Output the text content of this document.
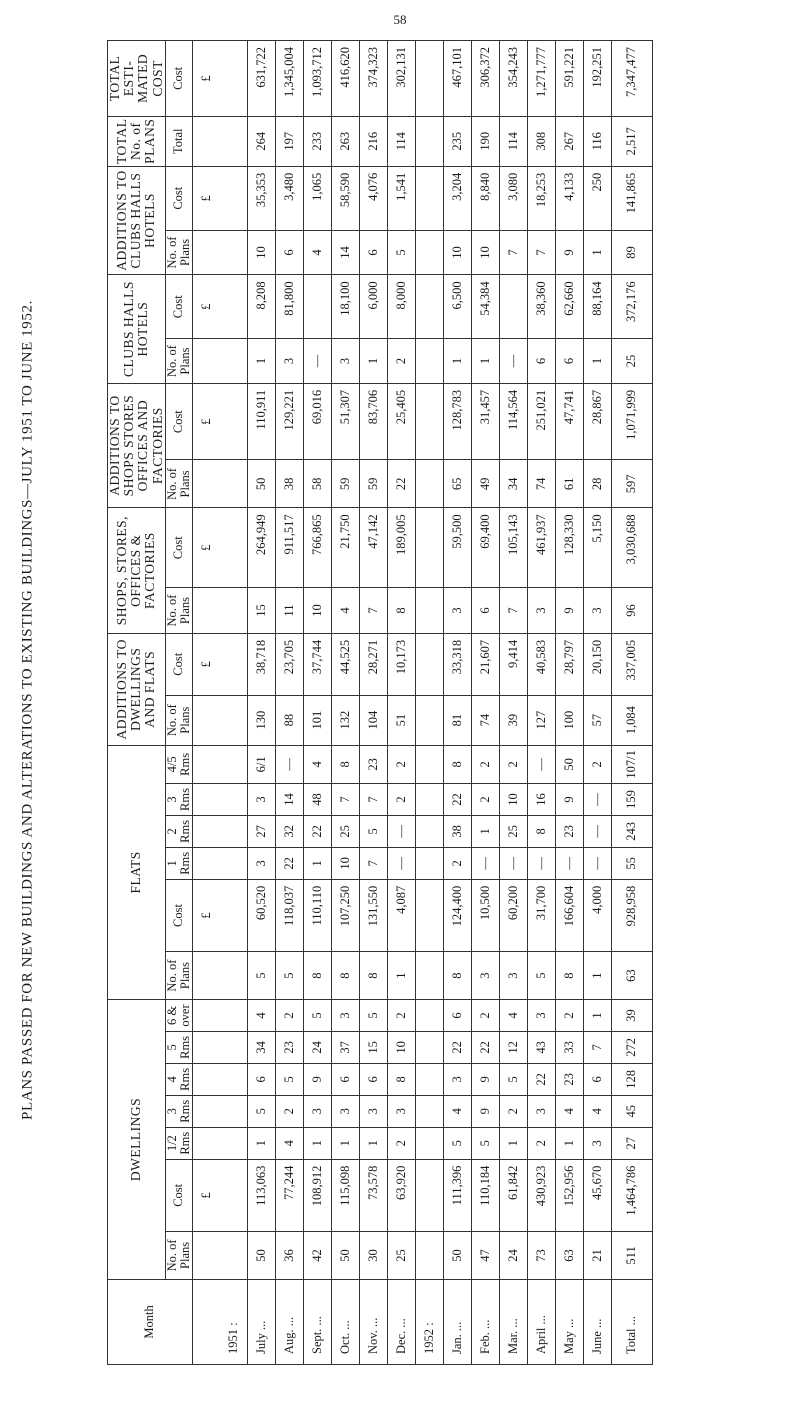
58
PLANS PASSED FOR NEW BUILDINGS AND ALTERATIONS TO EXISTING BUILDINGS—JULY 1951 TO JUNE 1952.
Month	DWELLINGS							FLATS						ADDITIONS TO DWELLINGS AND FLATS		SHOPS, STORES, OFFICES & FACTORIES		ADDITIONS TO SHOPS STORES OFFICES AND FACTORIES		CLUBS HALLS HOTELS		ADDITIONS TO CLUBS HALLS HOTELS		TOTAL No. of PLANS	TOTAL ESTI-MATED COST
	No. of Plans	Cost	1/2 Rms	3 Rms	4 Rms	5 Rms	6 & over	No. of Plans	Cost	1 Rms	2 Rms	3 Rms	4/5 Rms	No. of Plans	Cost	No. of Plans	Cost	No. of Plans	Cost	No. of Plans	Cost	No. of Plans	Cost	Total	Cost
		£							£						£		£		£		£		£		£
1951 :																									
July ...	50	113,063	1	5	6	34	4	5	60,520	3	27	3	6/1	130	38,718	15	264,949	50	110,911	1	8,208	10	35,353	264	631,722
Aug. ...	36	77,244	4	2	5	23	2	5	118,037	22	32	14	—	88	23,705	11	911,517	38	129,221	3	81,800	6	3,480	197	1,345,004
Sept. ...	42	108,912	1	3	9	24	5	8	110,110	1	22	48	4	101	37,744	10	766,865	58	69,016	—		4	1,065	233	1,093,712
Oct. ...	50	115,098	1	3	6	37	3	8	107,250	10	25	7	8	132	44,525	4	21,750	59	51,307	3	18,100	14	58,590	263	416,620
Nov. ...	30	73,578	1	3	6	15	5	8	131,550	7	5	7	23	104	28,271	7	47,142	59	83,706	1	6,000	6	4,076	216	374,323
Dec. ...	25	63,920	2	3	8	10	2	1	4,087	—	—	2	2	51	10,173	8	189,005	22	25,405	2	8,000	5	1,541	114	302,131
1952 :																									
Jan. ...	50	111,396	5	4	3	22	6	8	124,400	2	38	22	8	81	33,318	3	59,500	65	128,783	1	6,500	10	3,204	235	467,101
Feb. ...	47	110,184	5	9	9	22	2	3	10,500	—	1	2	2	74	21,607	6	69,400	49	31,457	1	54,384	10	8,840	190	306,372
Mar. ...	24	61,842	1	2	5	12	4	3	60,200	—	25	10	2	39	9,414	7	105,143	34	114,564	—		7	3,080	114	354,243
April ...	73	430,923	2	3	22	43	3	5	31,700	—	8	16	—	127	40,583	3	461,937	74	251,021	6	38,360	7	18,253	308	1,271,777
May ...	63	152,956	1	4	23	33	2	8	166,604	—	23	9	50	100	28,797	9	128,330	61	47,741	6	62,660	9	4,133	267	591,221
June ...	21	45,670	3	4	6	7	1	1	4,000	—	—	—	2	57	20,150	3	5,150	28	28,867	1	88,164	1	250	116	192,251
Total ...	511	1,464,786	27	45	128	272	39	63	928,958	55	243	159	107/1	1,084	337,005	96	3,030,688	597	1,071,999	25	372,176	89	141,865	2,517	7,347,477
